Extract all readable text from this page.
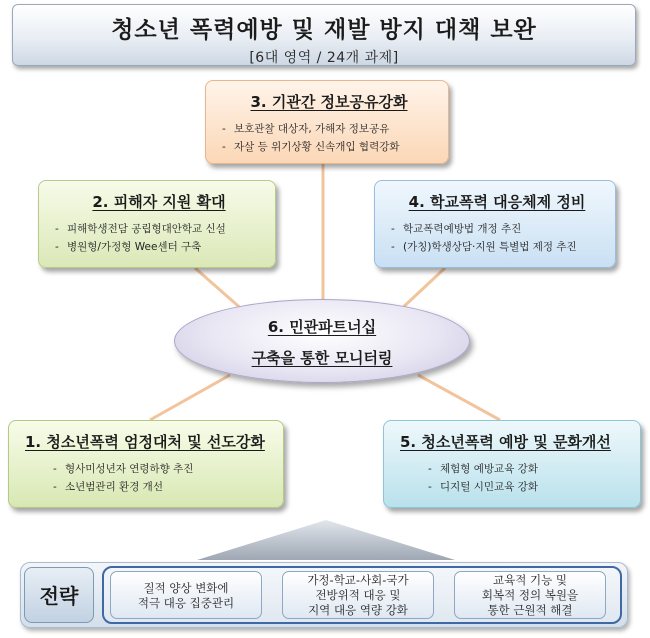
청소년 폭력예방 및 재발 방지 대책 보완
[6대 영역 / 24개 과제]
3. 기관간 정보공유강화
- 보호관찰 대상자, 가해자 정보공유
- 자살 등 위기상황 신속개입 협력강화
2. 피해자 지원 확대
- 피해학생전담 공립형대안학교 신설
- 병원형/가정형 Wee센터 구축
4. 학교폭력 대응체제 정비
- 학교폭력예방법 개정 추진
- (가칭)학생상담·지원 특별법 제정 추진
6. 민관파트너십
구축을 통한 모니터링
1. 청소년폭력 엄정대처 및 선도강화
- 형사미성년자 연령하향 추진
- 소년범관리 환경 개선
5. 청소년폭력 예방 및 문화개선
- 체험형 예방교육 강화
- 디지털 시민교육 강화
전략	질적 양상 변화에
적극 대응 집중관리
가정-학교-사회-국가
전방위적 대응 및
지역 대응 역량 강화
교육적 기능 및
회복적 정의 복원을
통한 근원적 해결
